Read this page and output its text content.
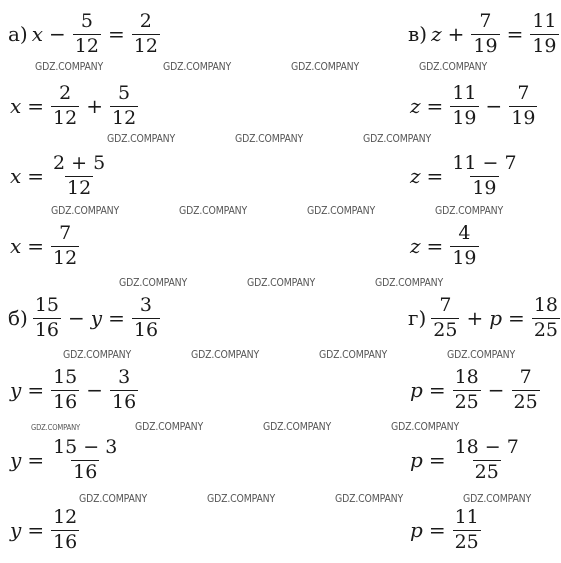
а) $x - \frac{5}{12} = \frac{2}{12}$
$x = \frac{2}{12} + \frac{5}{12}$
$x = \frac{2 + 5}{12}$
$x = \frac{7}{12}$
в) $z + \frac{7}{19} = \frac{11}{19}$
$z = \frac{11}{19} - \frac{7}{19}$
$z = \frac{11 - 7}{19}$
$z = \frac{4}{19}$
$б) \frac{15}{16} - y = \frac{3}{16}$
$y = \frac{15}{16} - \frac{3}{16}$
$y = \frac{15 - 3}{16}$
$y = \frac{12}{16}$
$г) \frac{7}{25} + p = \frac{18}{25}$
$p = \frac{18}{25} - \frac{7}{25}$
$p = \frac{18 - 7}{25}$
$p = \frac{11}{25}$
GDZ.COMPANY	GDZ.COMPANY	GDZ.COMPANY	GDZ.COMPANY
GDZ.COMPANY	GDZ.COMPANY	GDZ.COMPANY
GDZ.COMPANY	GDZ.COMPANY	GDZ.COMPANY	GDZ.COMPANY
GDZ.COMPANY	GDZ.COMPANY	GDZ.COMPANY
GDZ.COMPANY	GDZ.COMPANY	GDZ.COMPANY	GDZ.COMPANY
GDZ.COMPANY	GDZ.COMPANY	GDZ.COMPANY	GDZ.COMPANY
GDZ.COMPANY	GDZ.COMPANY	GDZ.COMPANY	GDZ.COMPANY
